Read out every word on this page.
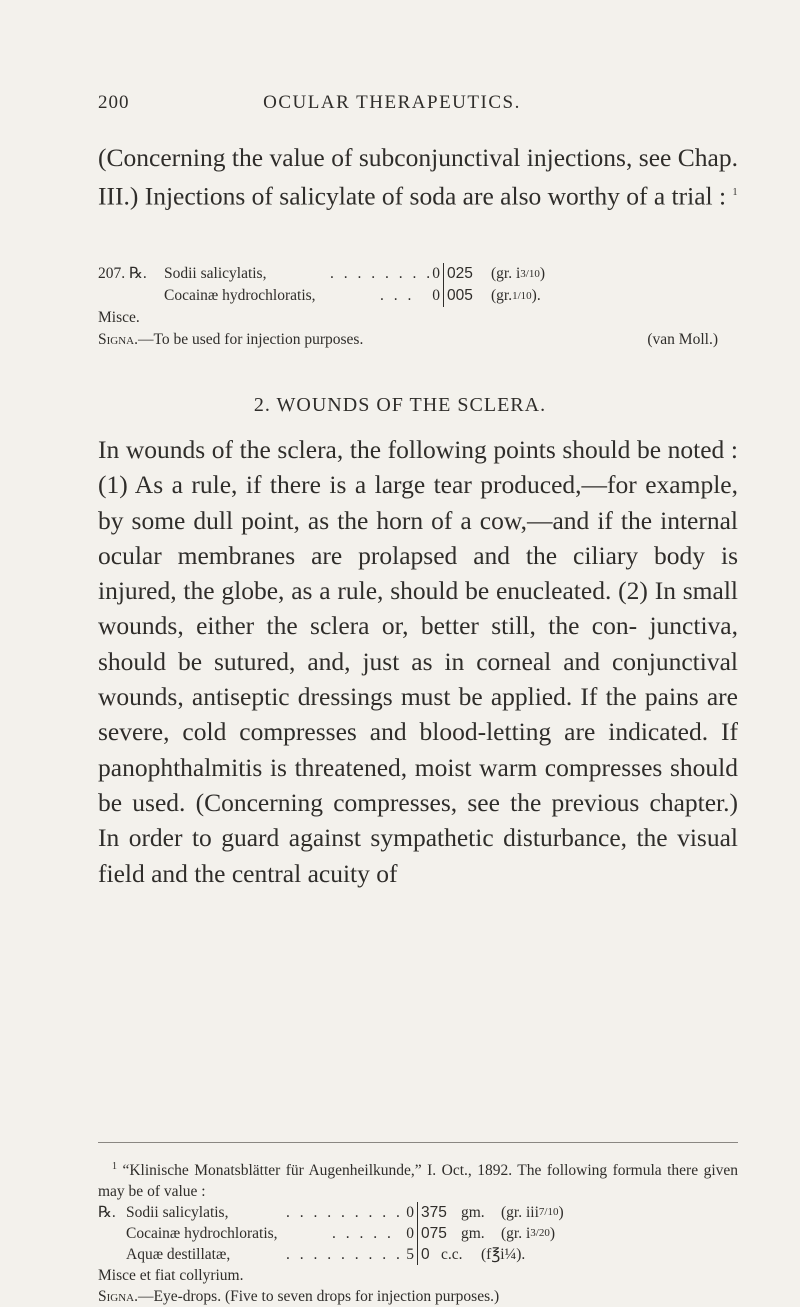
200	OCULAR THERAPEUTICS.

(Concerning the value of subconjunctival injections, see Chap. III.) Injections of salicylate of soda are also worthy of a trial : $^1$

207. ℞.	Sodii salicylatis,	. . . . . . . . 0 025	(gr. i 3/10 )
Cocainæ hydrochloratis,	. . .	0 005	(gr. 1/10 ).
Misce.
Signa.—To be used for injection purposes.	(van Moll.)
2. WOUNDS OF THE SCLERA.

In wounds of the sclera, the following points should be noted : (1) As a rule, if there is a large tear produced,—for example, by some dull point, as the horn of a cow,—and if the internal ocular membranes are prolapsed and the ciliary body is injured, the globe, as a rule, should be enucleated. (2) In small wounds, either the sclera or, better still, the con- junctiva, should be sutured, and, just as in corneal and conjunctival wounds, antiseptic dressings must be applied. If the pains are severe, cold compresses and blood-letting are indicated. If panophthalmitis is threatened, moist warm compresses should be used. (Concerning compresses, see the previous chapter.) In order to guard against sympathetic disturbance, the visual field and the central acuity of

$^1$ “Klinische Monatsblätter für Augenheilkunde,” I. Oct., 1892. The following formula there given may be of value :
℞. Sodii salicylatis,	. . . . . . . . . 0 375 gm.	(gr. iii 7/10 )
Cocainæ hydrochloratis,	. . . . . 0 075 gm.	(gr. i 3/20 )
Aquæ destillatæ,	. . . . . . . . . 5 0 c.c.	(f℥i¼).
Misce et fiat collyrium.
Signa.—Eye-drops. (Five to seven drops for injection purposes.)
